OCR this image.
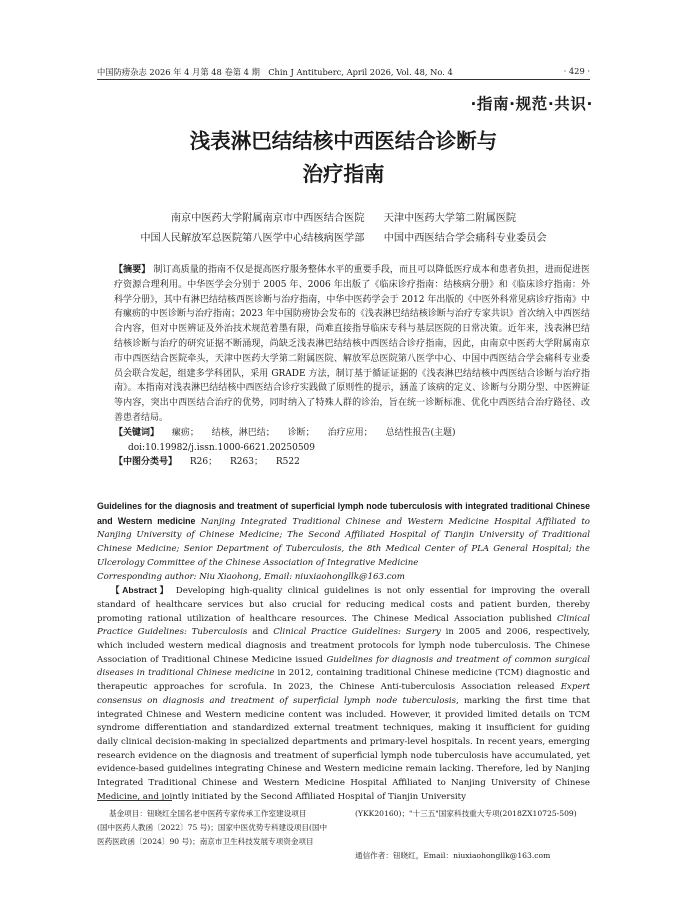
中国防痨杂志 2026 年 4 月第 48 卷第 4 期　Chin J Antituberc, April 2026, Vol. 48, No. 4	· 429 ·
·指南·规范·共识·
浅表淋巴结结核中西医结合诊断与
治疗指南
南京中医药大学附属南京市中西医结合医院 天津中医药大学第二附属医院
中国人民解放军总医院第八医学中心结核病医学部 中国中西医结合学会痛科专业委员会

【摘要】 制订高质量的指南不仅是提高医疗服务整体水平的重要手段，而且可以降低医疗成本和患者负担，进而促进医疗资源合理利用。中华医学会分别于 2005 年、2006 年出版了《临床诊疗指南：结核病分册》和《临床诊疗指南：外科学分册》，其中有淋巴结结核西医诊断与治疗指南，中华中医药学会于 2012 年出版的《中医外科常见病诊疗指南》中有瘰疬的中医诊断与治疗指南；2023 年中国防痨协会发布的《浅表淋巴结结核诊断与治疗专家共识》首次纳入中西医结合内容，但对中医辨证及外治技术规范着墨有限，尚难直接指导临床专科与基层医院的日常决策。近年来，浅表淋巴结结核诊断与治疗的研究证据不断涌现，尚缺乏浅表淋巴结结核中西医结合诊疗指南，因此，由南京中医药大学附属南京市中西医结合医院牵头，天津中医药大学第二附属医院、解放军总医院第八医学中心、中国中西医结合学会痛科专业委员会联合发起，组建多学科团队，采用 GRADE 方法，制订基于循证证据的《浅表淋巴结结核中西医结合诊断与治疗指南》。本指南对浅表淋巴结结核中西医结合诊疗实践做了原则性的提示，涵盖了该病的定义、诊断与分期分型、中医辨证等内容，突出中西医结合治疗的优势，同时纳入了特殊人群的诊治，旨在统一诊断标准、优化中西医结合治疗路径、改善患者结局。

【关键词】 瘰疬； 结核，淋巴结； 诊断； 治疗应用； 总结性报告(主题)

doi:10.19982/j.issn.1000-6621.20250509

【中图分类号】 R26； R263； R522

Guidelines for the diagnosis and treatment of superficial lymph node tuberculosis with integrated traditional Chinese and Western medicine Nanjing Integrated Traditional Chinese and Western Medicine Hospital Affiliated to Nanjing University of Chinese Medicine; The Second Affiliated Hospital of Tianjin University of Traditional Chinese Medicine; Senior Department of Tuberculosis, the 8th Medical Center of PLA General Hospital; the Ulcerology Committee of the Chinese Association of Integrative Medicine

Corresponding author: Niu Xiaohong, Email: niuxiaohongllk@163.com

【Abstract】 Developing high-quality clinical guidelines is not only essential for improving the overall standard of healthcare services but also crucial for reducing medical costs and patient burden, thereby promoting rational utilization of healthcare resources. The Chinese Medical Association published Clinical Practice Guidelines: Tuberculosis and Clinical Practice Guidelines: Surgery in 2005 and 2006, respectively, which included western medical diagnosis and treatment protocols for lymph node tuberculosis. The Chinese Association of Traditional Chinese Medicine issued Guidelines for diagnosis and treatment of common surgical diseases in traditional Chinese medicine in 2012, containing traditional Chinese medicine (TCM) diagnostic and therapeutic approaches for scrofula. In 2023, the Chinese Anti-tuberculosis Association released Expert consensus on diagnosis and treatment of superficial lymph node tuberculosis, marking the first time that integrated Chinese and Western medicine content was included. However, it provided limited details on TCM syndrome differentiation and standardized external treatment techniques, making it insufficient for guiding daily clinical decision-making in specialized departments and primary-level hospitals. In recent years, emerging research evidence on the diagnosis and treatment of superficial lymph node tuberculosis have accumulated, yet evidence-based guidelines integrating Chinese and Western medicine remain lacking. Therefore, led by Nanjing Integrated Traditional Chinese and Western Medicine Hospital Affiliated to Nanjing University of Chinese Medicine, and jointly initiated by the Second Affiliated Hospital of Tianjin University

基金项目：钮晓红全国名老中医药专家传承工作室建设项目
(国中医药人教函〔2022〕75 号)；国家中医优势专科建设项目(国中
医药医政函〔2024〕90 号)；南京市卫生科技发展专项资金项目
(YKK20160)；"十三五"国家科技重大专项(2018ZX10725-509)
通信作者：钮晓红，Email：niuxiaohongllk@163.com
